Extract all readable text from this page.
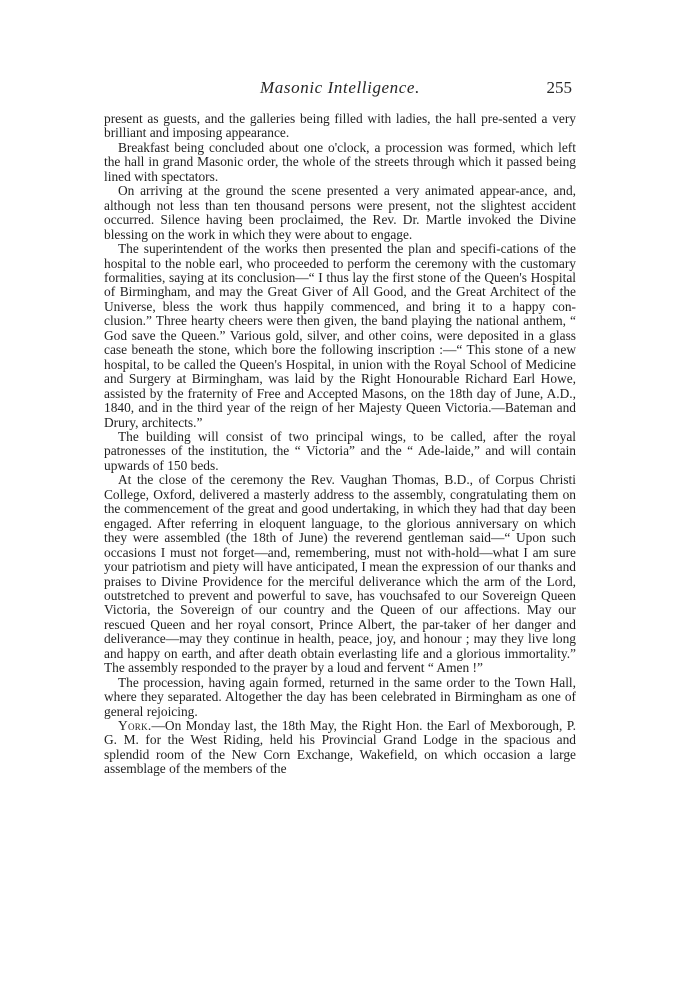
Masonic Intelligence.	255

present as guests, and the galleries being filled with ladies, the hall pre-sented a very brilliant and imposing appearance.

Breakfast being concluded about one o'clock, a procession was formed, which left the hall in grand Masonic order, the whole of the streets through which it passed being lined with spectators.

On arriving at the ground the scene presented a very animated appear-ance, and, although not less than ten thousand persons were present, not the slightest accident occurred. Silence having been proclaimed, the Rev. Dr. Martle invoked the Divine blessing on the work in which they were about to engage.

The superintendent of the works then presented the plan and specifi-cations of the hospital to the noble earl, who proceeded to perform the ceremony with the customary formalities, saying at its conclusion—“ I thus lay the first stone of the Queen's Hospital of Birmingham, and may the Great Giver of All Good, and the Great Architect of the Universe, bless the work thus happily commenced, and bring it to a happy con-clusion.” Three hearty cheers were then given, the band playing the national anthem, “ God save the Queen.” Various gold, silver, and other coins, were deposited in a glass case beneath the stone, which bore the following inscription :—“ This stone of a new hospital, to be called the Queen's Hospital, in union with the Royal School of Medicine and Surgery at Birmingham, was laid by the Right Honourable Richard Earl Howe, assisted by the fraternity of Free and Accepted Masons, on the 18th day of June, A.D., 1840, and in the third year of the reign of her Majesty Queen Victoria.—Bateman and Drury, architects.”

The building will consist of two principal wings, to be called, after the royal patronesses of the institution, the “ Victoria” and the “ Ade-laide,” and will contain upwards of 150 beds.

At the close of the ceremony the Rev. Vaughan Thomas, B.D., of Corpus Christi College, Oxford, delivered a masterly address to the assembly, congratulating them on the commencement of the great and good undertaking, in which they had that day been engaged. After referring in eloquent language, to the glorious anniversary on which they were assembled (the 18th of June) the reverend gentleman said—“ Upon such occasions I must not forget—and, remembering, must not with-hold—what I am sure your patriotism and piety will have anticipated, I mean the expression of our thanks and praises to Divine Providence for the merciful deliverance which the arm of the Lord, outstretched to prevent and powerful to save, has vouchsafed to our Sovereign Queen Victoria, the Sovereign of our country and the Queen of our affections. May our rescued Queen and her royal consort, Prince Albert, the par-taker of her danger and deliverance—may they continue in health, peace, joy, and honour ; may they live long and happy on earth, and after death obtain everlasting life and a glorious immortality.” The assembly responded to the prayer by a loud and fervent “ Amen !”

The procession, having again formed, returned in the same order to the Town Hall, where they separated. Altogether the day has been celebrated in Birmingham as one of general rejoicing.

York.—On Monday last, the 18th May, the Right Hon. the Earl of Mexborough, P. G. M. for the West Riding, held his Provincial Grand Lodge in the spacious and splendid room of the New Corn Exchange, Wakefield, on which occasion a large assemblage of the members of the
